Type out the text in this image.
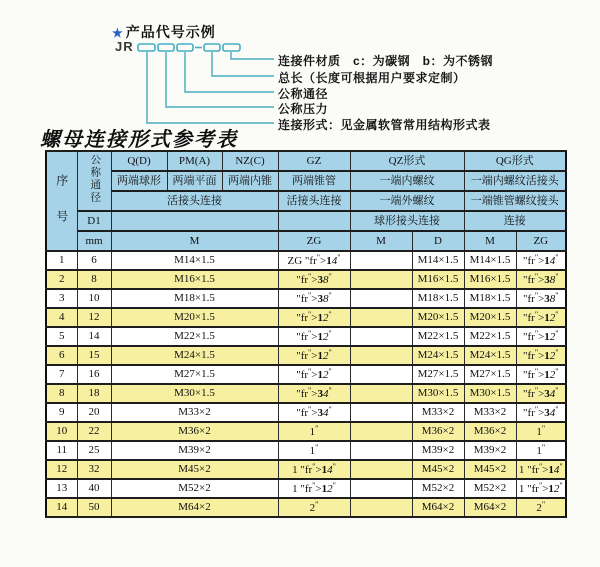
★ 产品代号示例
JR
连接件材质　c：为碳钢　b：为不锈钢
总长（长度可根据用户要求定制）
公称通径
公称压力
连接形式：见金属软管常用结构形式表
螺母连接形式参考表
序号	公称通径	Q(D)	PM(A)	NZ(C)	GZ	QZ形式		QG形式	
		两端球形	两端平面	两端内锥	两端锥管	一端内螺纹		一端内螺纹活接头	
		活接头连接			活接头连接	一端外螺纹		一端锥管螺纹接头	
	D1					球形接头连接		连接	
	mm	M			ZG	M	D	M	ZG
1	6	M14×1.5			ZG "fr">14"		M14×1.5	M14×1.5	"fr">14"
2	8	M16×1.5			"fr">38"		M16×1.5	M16×1.5	"fr">38"
3	10	M18×1.5			"fr">38"		M18×1.5	M18×1.5	"fr">38"
4	12	M20×1.5			"fr">12"		M20×1.5	M20×1.5	"fr">12"
5	14	M22×1.5			"fr">12"		M22×1.5	M22×1.5	"fr">12"
6	15	M24×1.5			"fr">12"		M24×1.5	M24×1.5	"fr">12"
7	16	M27×1.5			"fr">12"		M27×1.5	M27×1.5	"fr">12"
8	18	M30×1.5			"fr">34"		M30×1.5	M30×1.5	"fr">34"
9	20	M33×2			"fr">34"		M33×2	M33×2	"fr">34"
10	22	M36×2			1"		M36×2	M36×2	1"
11	25	M39×2			1"		M39×2	M39×2	1"
12	32	M45×2			1 "fr">14"		M45×2	M45×2	1 "fr">14"
13	40	M52×2			1 "fr">12"		M52×2	M52×2	1 "fr">12"
14	50	M64×2			2"		M64×2	M64×2	2"
